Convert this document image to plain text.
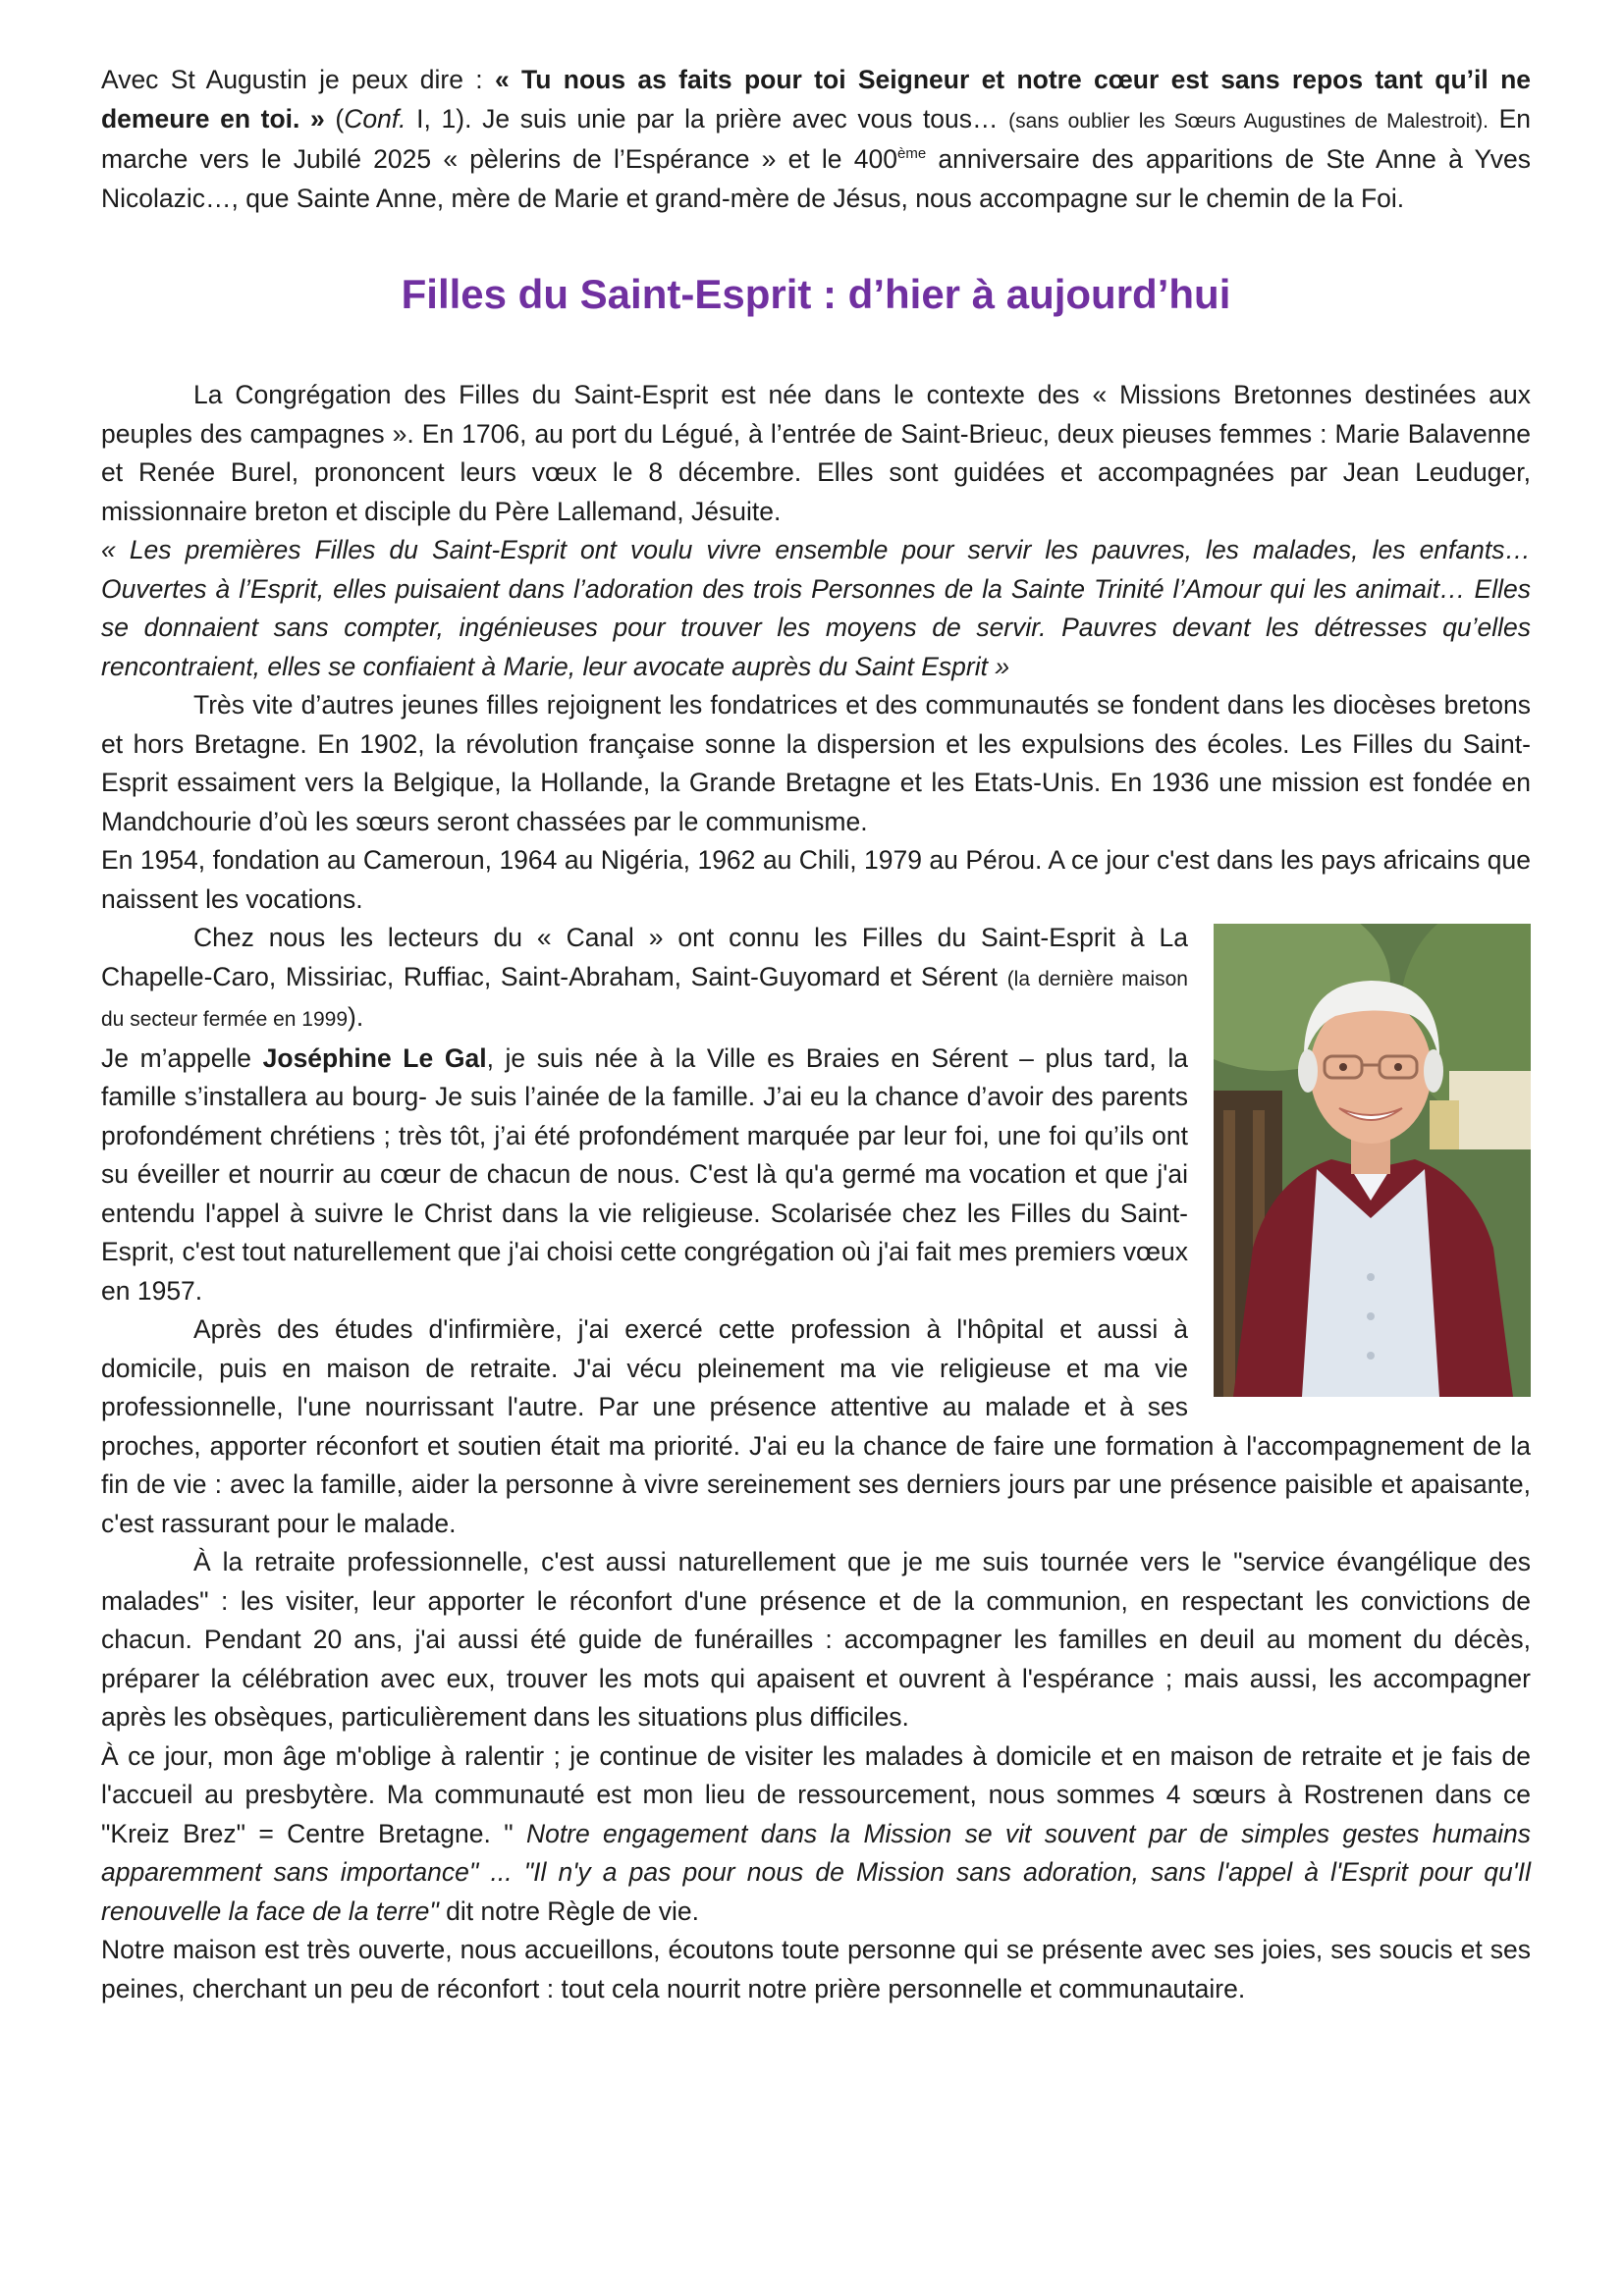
Avec St Augustin je peux dire : « Tu nous as faits pour toi Seigneur et notre cœur est sans repos tant qu’il ne demeure en toi. » (Conf. I, 1). Je suis unie par la prière avec vous tous… (sans oublier les Sœurs Augustines de Malestroit). En marche vers le Jubilé 2025 « pèlerins de l’Espérance » et le 400ème anniversaire des apparitions de Ste Anne à Yves Nicolazic…, que Sainte Anne, mère de Marie et grand-mère de Jésus, nous accompagne sur le chemin de la Foi.

Filles du Saint-Esprit : d’hier à aujourd’hui

La Congrégation des Filles du Saint-Esprit est née dans le contexte des « Missions Bretonnes destinées aux peuples des campagnes ». En 1706, au port du Légué, à l’entrée de Saint-Brieuc, deux pieuses femmes : Marie Balavenne et Renée Burel, prononcent leurs vœux le 8 décembre. Elles sont guidées et accompagnées par Jean Leuduger, missionnaire breton et disciple du Père Lallemand, Jésuite.

« Les premières Filles du Saint-Esprit ont voulu vivre ensemble pour servir les pauvres, les malades, les enfants… Ouvertes à l’Esprit, elles puisaient dans l’adoration des trois Personnes de la Sainte Trinité l’Amour qui les animait… Elles se donnaient sans compter, ingénieuses pour trouver les moyens de servir. Pauvres devant les détresses qu’elles rencontraient, elles se confiaient à Marie, leur avocate auprès du Saint Esprit »

Très vite d’autres jeunes filles rejoignent les fondatrices et des communautés se fondent dans les diocèses bretons et hors Bretagne. En 1902, la révolution française sonne la dispersion et les expulsions des écoles. Les Filles du Saint-Esprit essaiment vers la Belgique, la Hollande, la Grande Bretagne et les Etats-Unis. En 1936 une mission est fondée en Mandchourie d’où les sœurs seront chassées par le communisme.

En 1954, fondation au Cameroun, 1964 au Nigéria, 1962 au Chili, 1979 au Pérou. A ce jour c'est dans les pays africains que naissent les vocations.

Chez nous les lecteurs du « Canal » ont connu les Filles du Saint-Esprit à La Chapelle-Caro, Missiriac, Ruffiac, Saint-Abraham, Saint-Guyomard et Sérent (la dernière maison du secteur fermée en 1999).

Je m’appelle Joséphine Le Gal, je suis née à la Ville es Braies en Sérent – plus tard, la famille s’installera au bourg- Je suis l’ainée de la famille. J’ai eu la chance d’avoir des parents profondément chrétiens ; très tôt, j’ai été profondément marquée par leur foi, une foi qu’ils ont su éveiller et nourrir au cœur de chacun de nous. C'est là qu'a germé ma vocation et que j'ai entendu l'appel à suivre le Christ dans la vie religieuse. Scolarisée chez les Filles du Saint-Esprit, c'est tout naturellement que j'ai choisi cette congrégation où j'ai fait mes premiers vœux en 1957.

Après des études d'infirmière, j'ai exercé cette profession à l'hôpital et aussi à domicile, puis en maison de retraite. J'ai vécu pleinement ma vie religieuse et ma vie professionnelle, l'une nourrissant l'autre. Par une présence attentive au malade et à ses proches, apporter réconfort et soutien était ma priorité. J'ai eu la chance de faire une formation à l'accompagnement de la fin de vie : avec la famille, aider la personne à vivre sereinement ses derniers jours par une présence paisible et apaisante, c'est rassurant pour le malade.

À la retraite professionnelle, c'est aussi naturellement que je me suis tournée vers le "service évangélique des malades" : les visiter, leur apporter le réconfort d'une présence et de la communion, en respectant les convictions de chacun. Pendant 20 ans, j'ai aussi été guide de funérailles : accompagner les familles en deuil au moment du décès, préparer la célébration avec eux, trouver les mots qui apaisent et ouvrent à l'espérance ; mais aussi, les accompagner après les obsèques, particulièrement dans les situations plus difficiles.

À ce jour, mon âge m'oblige à ralentir ; je continue de visiter les malades à domicile et en maison de retraite et je fais de l'accueil au presbytère. Ma communauté est mon lieu de ressourcement, nous sommes 4 sœurs à Rostrenen dans ce "Kreiz Brez" = Centre Bretagne. " Notre engagement dans la Mission se vit souvent par de simples gestes humains apparemment sans importance" ... "Il n'y a pas pour nous de Mission sans adoration, sans l'appel à l'Esprit pour qu'Il renouvelle la face de la terre" dit notre Règle de vie.

Notre maison est très ouverte, nous accueillons, écoutons toute personne qui se présente avec ses joies, ses soucis et ses peines, cherchant un peu de réconfort : tout cela nourrit notre prière personnelle et communautaire.
